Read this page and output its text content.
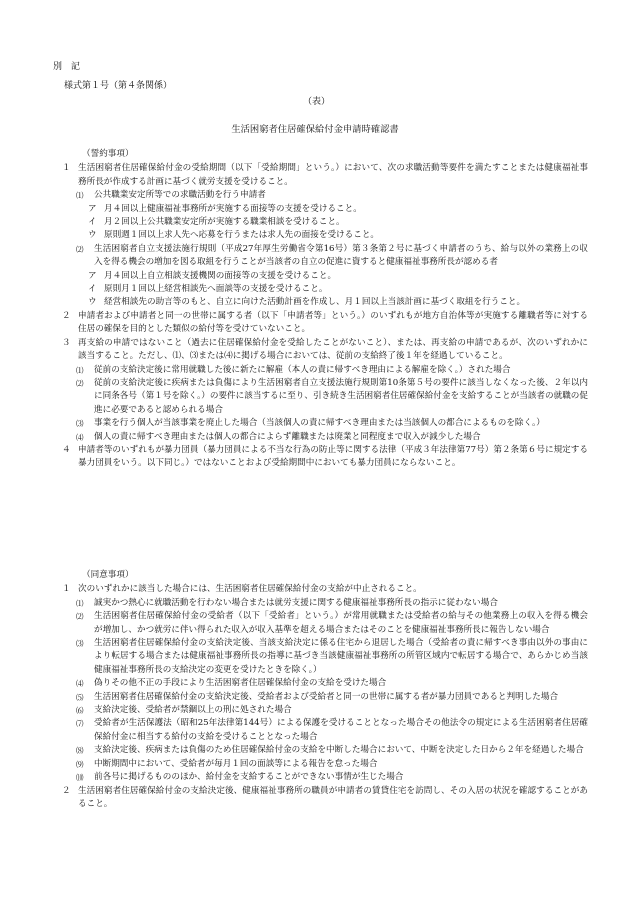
別　記
様式第１号（第４条関係）
（表）
生活困窮者住居確保給付金申請時確認書
（誓約事項）
１ 生活困窮者住居確保給付金の受給期間（以下「受給期間」という。）において、次の求職活動等要件を満たすことまたは健康福祉事務所長が作成する計画に基づく就労支援を受けること。
⑴ 公共職業安定所等での求職活動を行う申請者
ア 月４回以上健康福祉事務所が実施する面接等の支援を受けること。
イ 月２回以上公共職業安定所が実施する職業相談を受けること。
ウ 原則週１回以上求人先へ応募を行うまたは求人先の面接を受けること。
⑵ 生活困窮者自立支援法施行規則（平成27年厚生労働省令第16号）第３条第２号に基づく申請者のうち、給与以外の業務上の収入を得る機会の増加を図る取組を行うことが当該者の自立の促進に資すると健康福祉事務所長が認める者
ア 月４回以上自立相談支援機関の面接等の支援を受けること。
イ 原則月１回以上経営相談先へ面談等の支援を受けること。
ウ 経営相談先の助言等のもと、自立に向けた活動計画を作成し、月１回以上当該計画に基づく取組を行うこと。
２ 申請者および申請者と同一の世帯に属する者（以下「申請者等」という。）のいずれもが地方自治体等が実施する離職者等に対する住居の確保を目的とした類似の給付等を受けていないこと。
３ 再支給の申請ではないこと（過去に住居確保給付金を受給したことがないこと）、または、再支給の申請であるが、次のいずれかに該当すること。ただし、⑴、⑶または⑷に掲げる場合においては、従前の支給終了後１年を経過していること。
⑴ 従前の支給決定後に常用就職した後に新たに解雇（本人の責に帰すべき理由による解雇を除く。）された場合
⑵ 従前の支給決定後に疾病または負傷により生活困窮者自立支援法施行規則第10条第５号の要件に該当しなくなった後、２年以内に同条各号（第１号を除く。）の要件に該当するに至り、引き続き生活困窮者住居確保給付金を支給することが当該者の就職の促進に必要であると認められる場合
⑶ 事業を行う個人が当該事業を廃止した場合（当該個人の責に帰すべき理由または当該個人の都合によるものを除く。）
⑷ 個人の責に帰すべき理由または個人の都合によらず離職または廃業と同程度まで収入が減少した場合
４ 申請者等のいずれもが暴力団員（暴力団員による不当な行為の防止等に関する法律（平成３年法律第77号）第２条第６号に規定する暴力団員をいう。以下同じ。）ではないことおよび受給期間中においても暴力団員にならないこと。
（同意事項）
１ 次のいずれかに該当した場合には、生活困窮者住居確保給付金の支給が中止されること。
⑴ 誠実かつ熱心に就職活動を行わない場合または就労支援に関する健康福祉事務所長の指示に従わない場合
⑵ 生活困窮者住居確保給付金の受給者（以下「受給者」という。）が常用就職または受給者の給与その他業務上の収入を得る機会が増加し、かつ就労に伴い得られた収入が収入基準を超える場合またはそのことを健康福祉事務所長に報告しない場合
⑶ 生活困窮者住居確保給付金の支給決定後、当該支給決定に係る住宅から退居した場合（受給者の責に帰すべき事由以外の事由により転居する場合または健康福祉事務所長の指導に基づき当該健康福祉事務所の所管区域内で転居する場合で、あらかじめ当該健康福祉事務所長の支給決定の変更を受けたときを除く。）
⑷ 偽りその他不正の手段により生活困窮者住居確保給付金の支給を受けた場合
⑸ 生活困窮者住居確保給付金の支給決定後、受給者および受給者と同一の世帯に属する者が暴力団員であると判明した場合
⑹ 支給決定後、受給者が禁錮以上の刑に処された場合
⑺ 受給者が生活保護法（昭和25年法律第144号）による保護を受けることとなった場合その他法令の規定による生活困窮者住居確保給付金に相当する給付の支給を受けることとなった場合
⑻ 支給決定後、疾病または負傷のため住居確保給付金の支給を中断した場合において、中断を決定した日から２年を経過した場合
⑼ 中断期間中において、受給者が毎月１回の面談等による報告を怠った場合
⑽ 前各号に掲げるもののほか、給付金を支給することができない事情が生じた場合
２ 生活困窮者住居確保給付金の支給決定後、健康福祉事務所の職員が申請者の賃貸住宅を訪問し、その入居の状況を確認することがあること。
